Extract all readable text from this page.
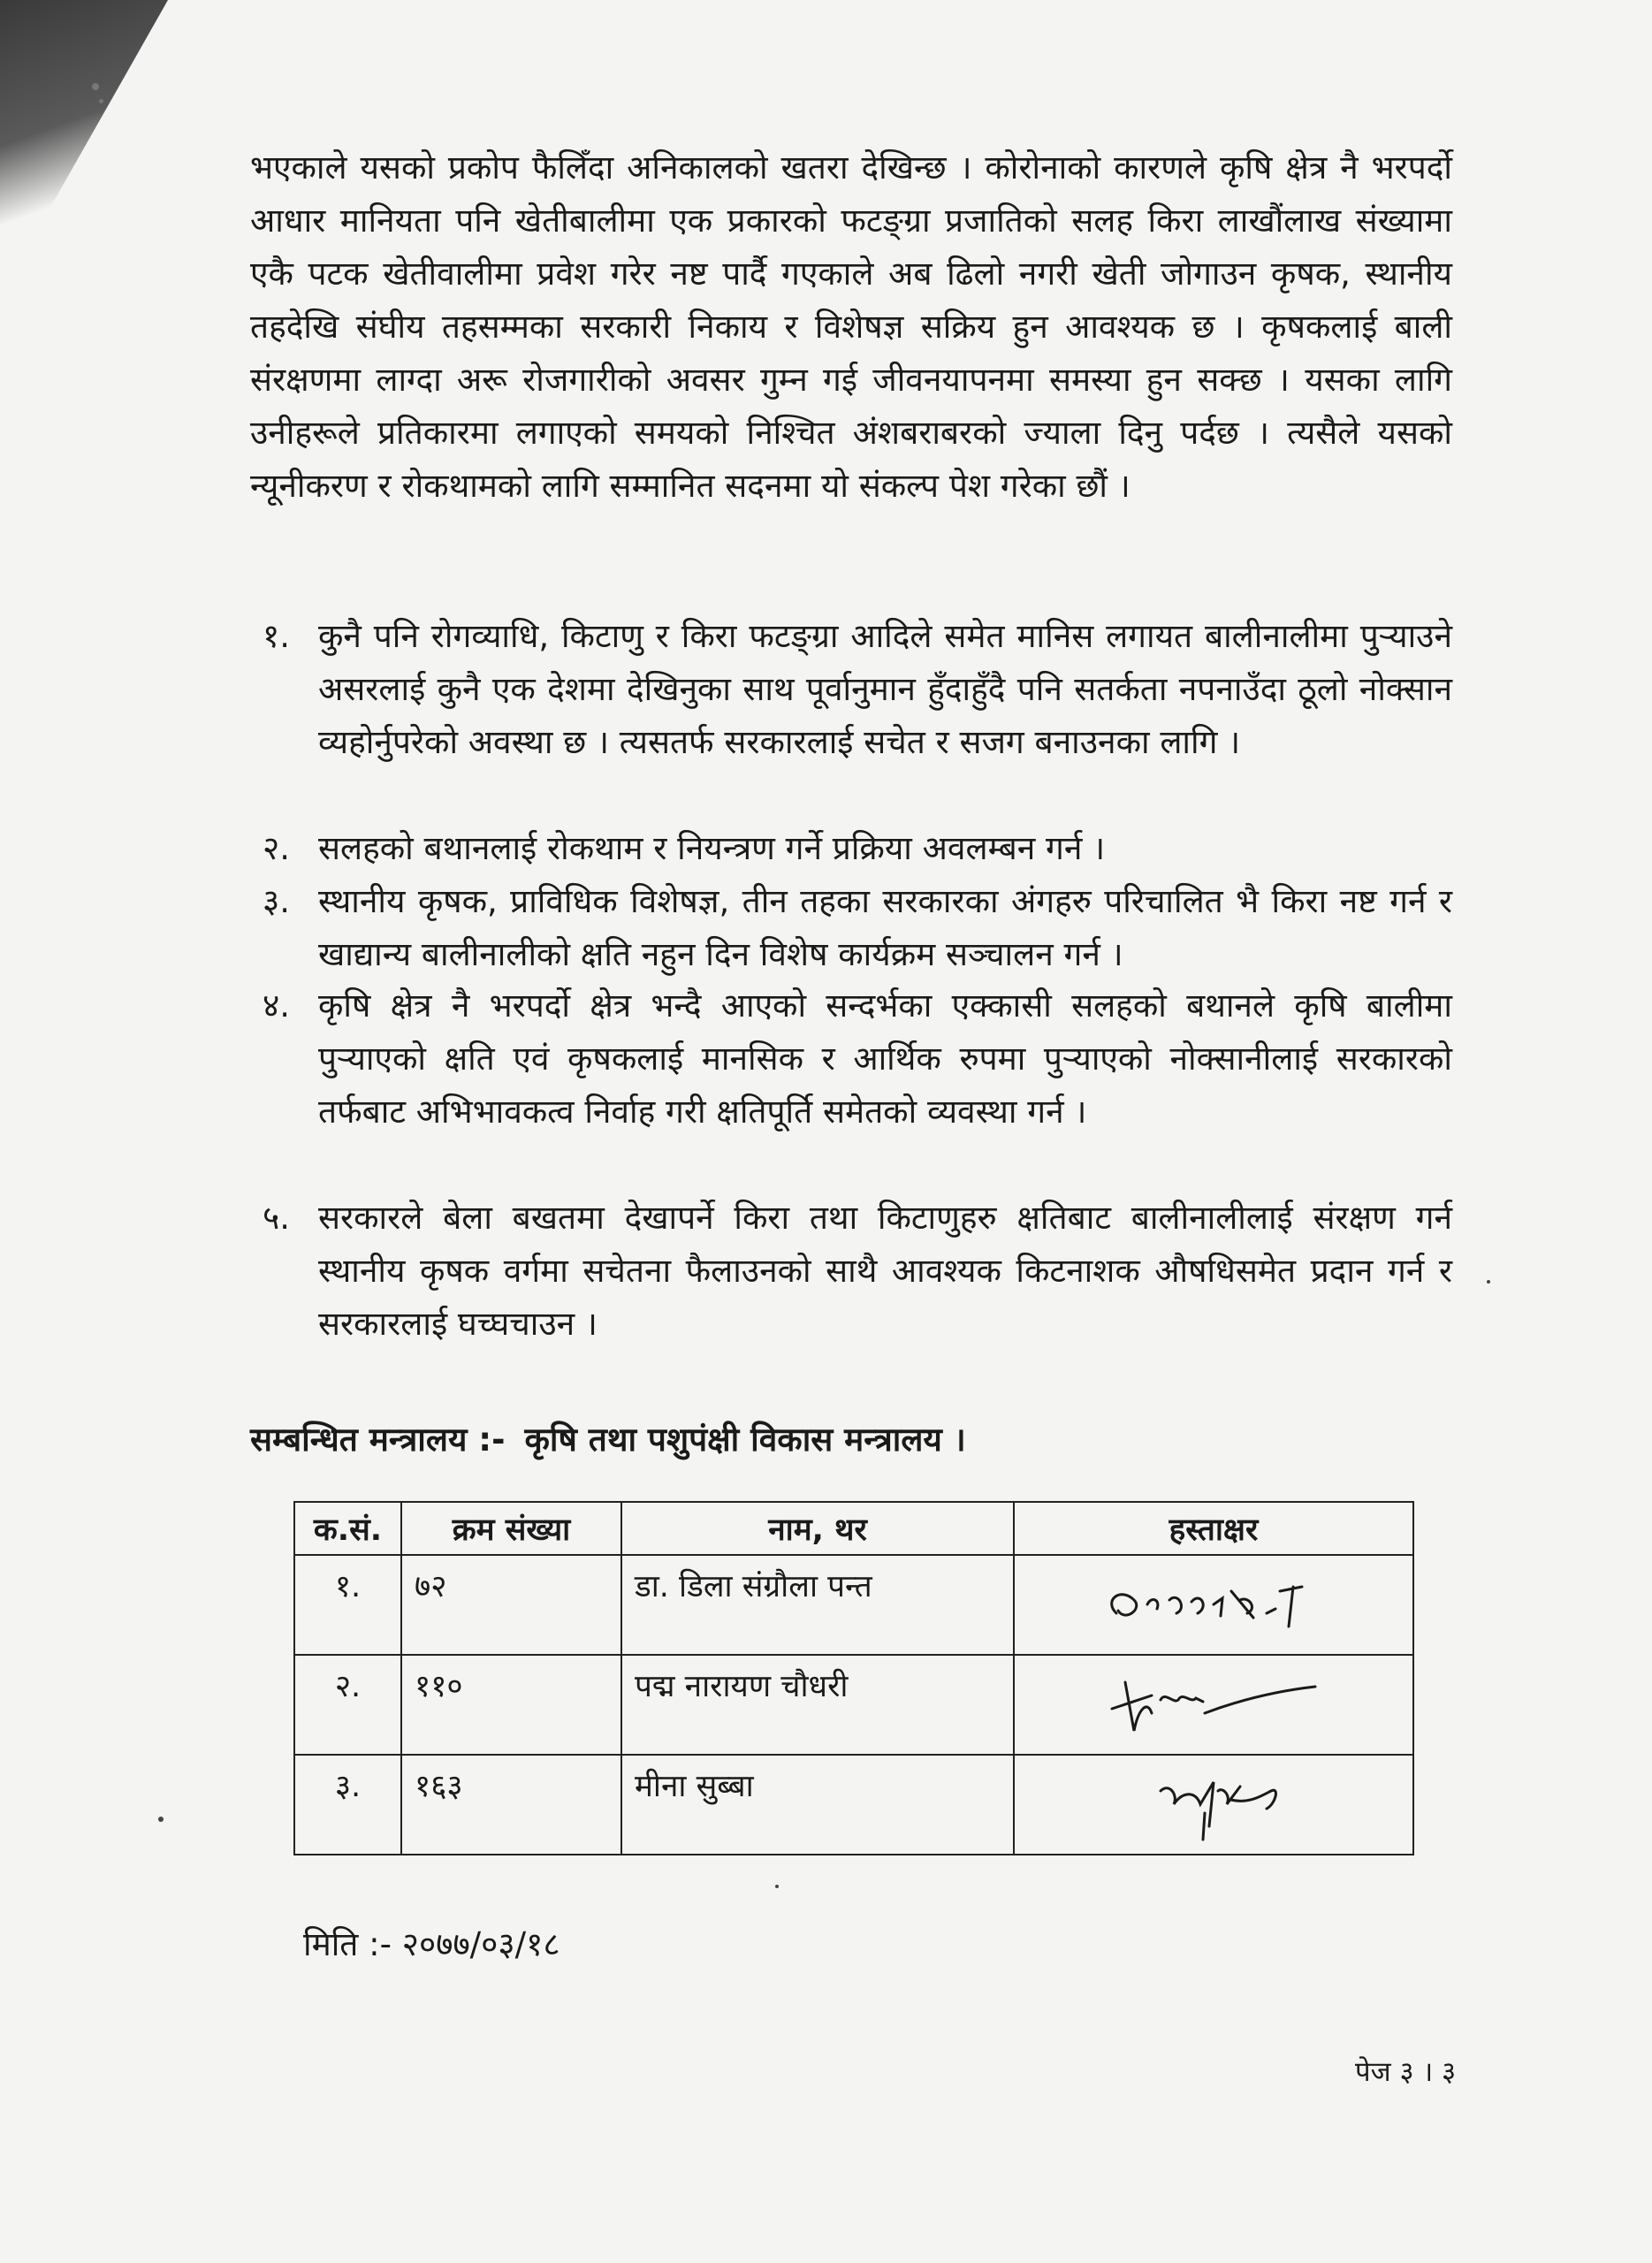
भएकाले यसको प्रकोप फैलिँदा अनिकालको खतरा देखिन्छ । कोरोनाको कारणले कृषि क्षेत्र नै भरपर्दो आधार मानियता पनि खेतीबालीमा एक प्रकारको फटङ्ग्रा प्रजातिको सलह किरा लाखौंलाख संख्यामा एकै पटक खेतीवालीमा प्रवेश गरेर नष्ट पार्दै गएकाले अब ढिलो नगरी खेती जोगाउन कृषक, स्थानीय तहदेखि संघीय तहसम्मका सरकारी निकाय र विशेषज्ञ सक्रिय हुन आवश्यक छ । कृषकलाई बाली संरक्षणमा लाग्दा अरू रोजगारीको अवसर गुम्न गई जीवनयापनमा समस्या हुन सक्छ । यसका लागि उनीहरूले प्रतिकारमा लगाएको समयको निश्चित अंशबराबरको ज्याला दिनु पर्दछ । त्यसैले यसको न्यूनीकरण र रोकथामको लागि सम्मानित सदनमा यो संकल्प पेश गरेका छौं ।

१. कुनै पनि रोगव्याधि, किटाणु र किरा फटङ्ग्रा आदिले समेत मानिस लगायत बालीनालीमा पुऱ्याउने असरलाई कुनै एक देशमा देखिनुका साथ पूर्वानुमान हुँदाहुँदै पनि सतर्कता नपनाउँदा ठूलो नोक्सान व्यहोर्नुपरेको अवस्था छ । त्यसतर्फ सरकारलाई सचेत र सजग बनाउनका लागि ।
२. सलहको बथानलाई रोकथाम र नियन्त्रण गर्ने प्रक्रिया अवलम्बन गर्न ।
३. स्थानीय कृषक, प्राविधिक विशेषज्ञ, तीन तहका सरकारका अंगहरु परिचालित भै किरा नष्ट गर्न र खाद्यान्य बालीनालीको क्षति नहुन दिन विशेष कार्यक्रम सञ्चालन गर्न ।
४. कृषि क्षेत्र नै भरपर्दो क्षेत्र भन्दै आएको सन्दर्भका एक्कासी सलहको बथानले कृषि बालीमा पुऱ्याएको क्षति एवं कृषकलाई मानसिक र आर्थिक रुपमा पुऱ्याएको नोक्सानीलाई सरकारको तर्फबाट अभिभावकत्व निर्वाह गरी क्षतिपूर्ति समेतको व्यवस्था गर्न ।
५. सरकारले बेला बखतमा देखापर्ने किरा तथा किटाणुहरु क्षतिबाट बालीनालीलाई संरक्षण गर्न स्थानीय कृषक वर्गमा सचेतना फैलाउनको साथै आवश्यक किटनाशक औषधिसमेत प्रदान गर्न र सरकारलाई घच्घचाउन ।
सम्बन्धित मन्त्रालय :- कृषि तथा पशुपंक्षी विकास मन्त्रालय ।
क.सं.	क्रम संख्या	नाम, थर	हस्ताक्षर
१.	७२	डा. डिला संग्रौला पन्त	

२.	११०	पद्म नारायण चौधरी	

३.	१६३	मीना सुब्बा	
मिति :- २०७७/०३/१८
पेज ३ । ३
